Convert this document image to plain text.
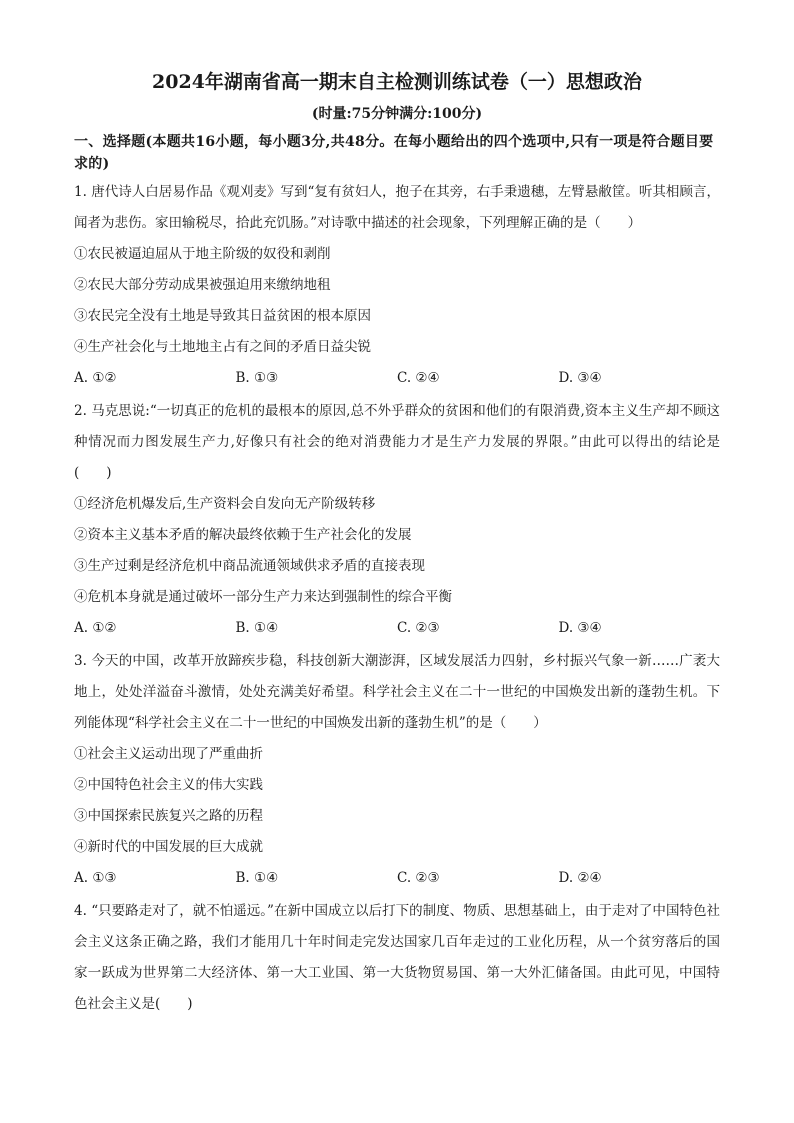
2024年湖南省高一期末自主检测训练试卷（一）思想政治
(时量:75分钟满分:100分)
一、选择题(本题共16小题，每小题3分,共48分。在每小题给出的四个选项中,只有一项是符合题目要求的)
1. 唐代诗人白居易作品《观刈麦》写到“复有贫妇人，抱子在其旁，右手秉遗穗，左臂悬敝筐。听其相顾言，闻者为悲伤。家田输税尽，拾此充饥肠。”对诗歌中描述的社会现象，下列理解正确的是（　　）
①农民被逼迫屈从于地主阶级的奴役和剥削
②农民大部分劳动成果被强迫用来缴纳地租
③农民完全没有土地是导致其日益贫困的根本原因
④生产社会化与土地地主占有之间的矛盾日益尖锐
A. ①②	B. ①③	C. ②④	D. ③④
2. 马克思说:“一切真正的危机的最根本的原因,总不外乎群众的贫困和他们的有限消费,资本主义生产却不顾这种情况而力图发展生产力,好像只有社会的绝对消费能力才是生产力发展的界限。”由此可以得出的结论是(　　)
①经济危机爆发后,生产资料会自发向无产阶级转移
②资本主义基本矛盾的解决最终依赖于生产社会化的发展
③生产过剩是经济危机中商品流通领域供求矛盾的直接表现
④危机本身就是通过破坏一部分生产力来达到强制性的综合平衡
A. ①②	B. ①④	C. ②③	D. ③④
3. 今天的中国，改革开放蹄疾步稳，科技创新大潮澎湃，区域发展活力四射，乡村振兴气象一新……广袤大地上，处处洋溢奋斗激情，处处充满美好希望。科学社会主义在二十一世纪的中国焕发出新的蓬勃生机。下列能体现“科学社会主义在二十一世纪的中国焕发出新的蓬勃生机”的是（　　）
①社会主义运动出现了严重曲折
②中国特色社会主义的伟大实践
③中国探索民族复兴之路的历程
④新时代的中国发展的巨大成就
A. ①③	B. ①④	C. ②③	D. ②④
4. “只要路走对了，就不怕遥远。”在新中国成立以后打下的制度、物质、思想基础上，由于走对了中国特色社会主义这条正确之路，我们才能用几十年时间走完发达国家几百年走过的工业化历程，从一个贫穷落后的国家一跃成为世界第二大经济体、第一大工业国、第一大货物贸易国、第一大外汇储备国。由此可见，中国特色社会主义是(　　)
